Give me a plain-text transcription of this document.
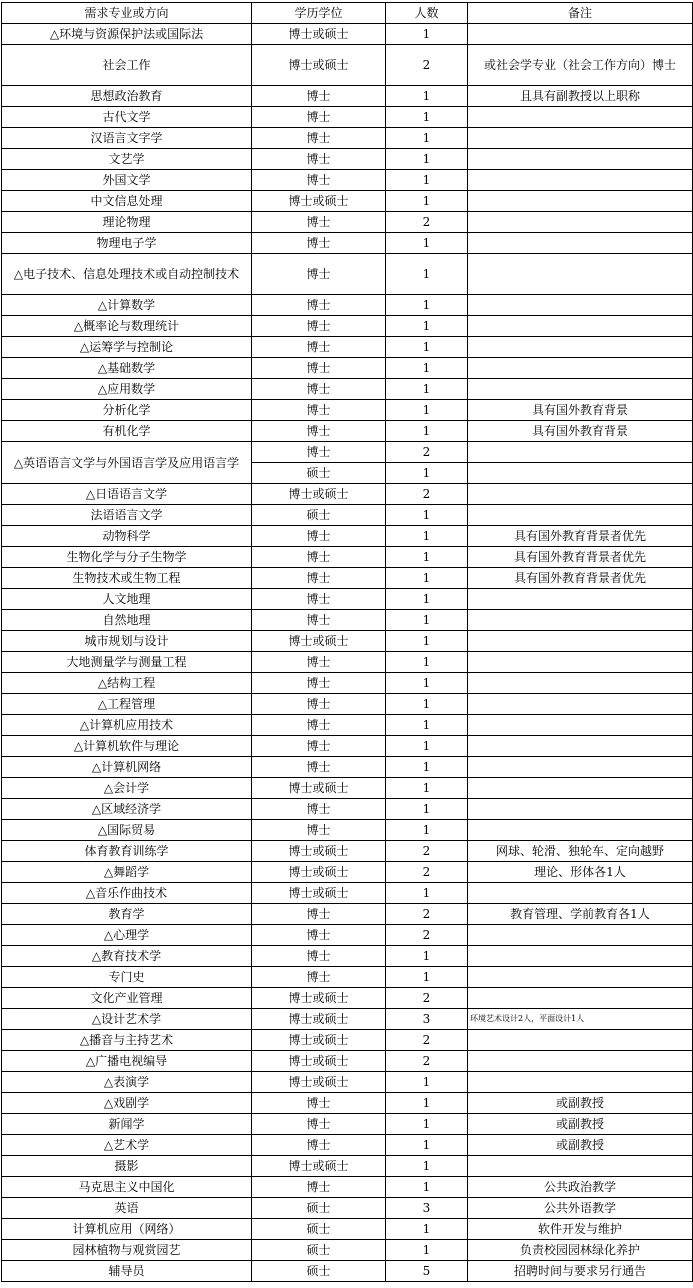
需求专业或方向	学历学位	人数	备注
△环境与资源保护法或国际法	博士或硕士	1	
社会工作	博士或硕士	2	或社会学专业（社会工作方向）博士
思想政治教育	博士	1	且具有副教授以上职称
古代文学	博士	1	
汉语言文字学	博士	1	
文艺学	博士	1	
外国文学	博士	1	
中文信息处理	博士或硕士	1	
理论物理	博士	2	
物理电子学	博士	1	
△电子技术、信息处理技术或自动控制技术	博士	1	
△计算数学	博士	1	
△概率论与数理统计	博士	1	
△运筹学与控制论	博士	1	
△基础数学	博士	1	
△应用数学	博士	1	
分析化学	博士	1	具有国外教育背景
有机化学	博士	1	具有国外教育背景
△英语语言文学与外国语言学及应用语言学	博士	2	
	硕士	1	
△日语语言文学	博士或硕士	2	
法语语言文学	硕士	1	
动物科学	博士	1	具有国外教育背景者优先
生物化学与分子生物学	博士	1	具有国外教育背景者优先
生物技术或生物工程	博士	1	具有国外教育背景者优先
人文地理	博士	1	
自然地理	博士	1	
城市规划与设计	博士或硕士	1	
大地测量学与测量工程	博士	1	
△结构工程	博士	1	
△工程管理	博士	1	
△计算机应用技术	博士	1	
△计算机软件与理论	博士	1	
△计算机网络	博士	1	
△会计学	博士或硕士	1	
△区域经济学	博士	1	
△国际贸易	博士	1	
体育教育训练学	博士或硕士	2	网球、轮滑、独轮车、定向越野
△舞蹈学	博士或硕士	2	理论、形体各1人
△音乐作曲技术	博士或硕士	1	
教育学	博士	2	教育管理、学前教育各1人
△心理学	博士	2	
△教育技术学	博士	1	
专门史	博士	1	
文化产业管理	博士或硕士	2	
△设计艺术学	博士或硕士	3	环境艺术设计2人，平面设计1人
△播音与主持艺术	博士或硕士	2	
△广播电视编导	博士或硕士	2	
△表演学	博士或硕士	1	
△戏剧学	博士	1	或副教授
新闻学	博士	1	或副教授
△艺术学	博士	1	或副教授
摄影	博士或硕士	1	
马克思主义中国化	博士	1	公共政治教学
英语	硕士	3	公共外语教学
计算机应用（网络）	硕士	1	软件开发与维护
园林植物与观赏园艺	硕士	1	负责校园园林绿化养护
辅导员	硕士	5	招聘时间与要求另行通告
